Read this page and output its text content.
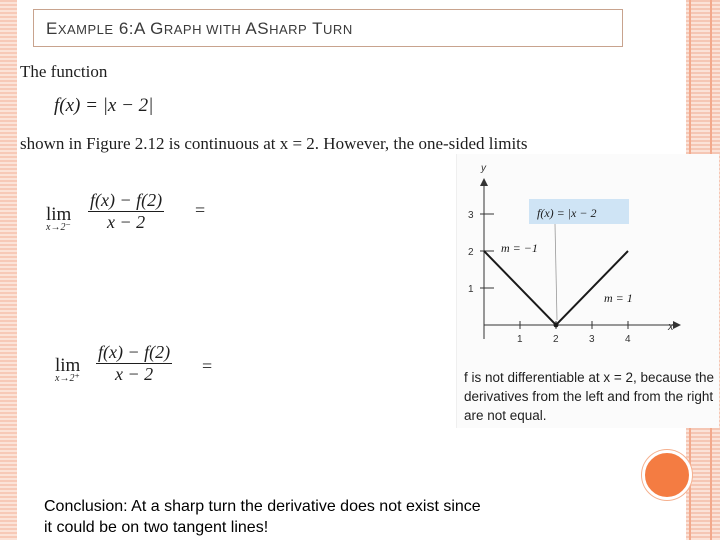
EXAMPLE 6:A GRAPH WITH ASHARP TURN
The function
f(x) = |x − 2|
shown in Figure 2.12 is continuous at x = 2. However, the one-sided limits
lim
$x\to 2^- \frac{f(x) - f(2)}{x - 2}$ =
lim
$x\to 2^+ \frac{f(x) - f(2)}{x - 2}$ =
y
x
1	2	3	4
1
2
3	f(x) = |x − 2
m = −1
m = 1
f is not differentiable at x = 2, because the derivatives from the left and from the right are not equal.
Conclusion: At a sharp turn the derivative does not exist since
it could be on two tangent lines!
